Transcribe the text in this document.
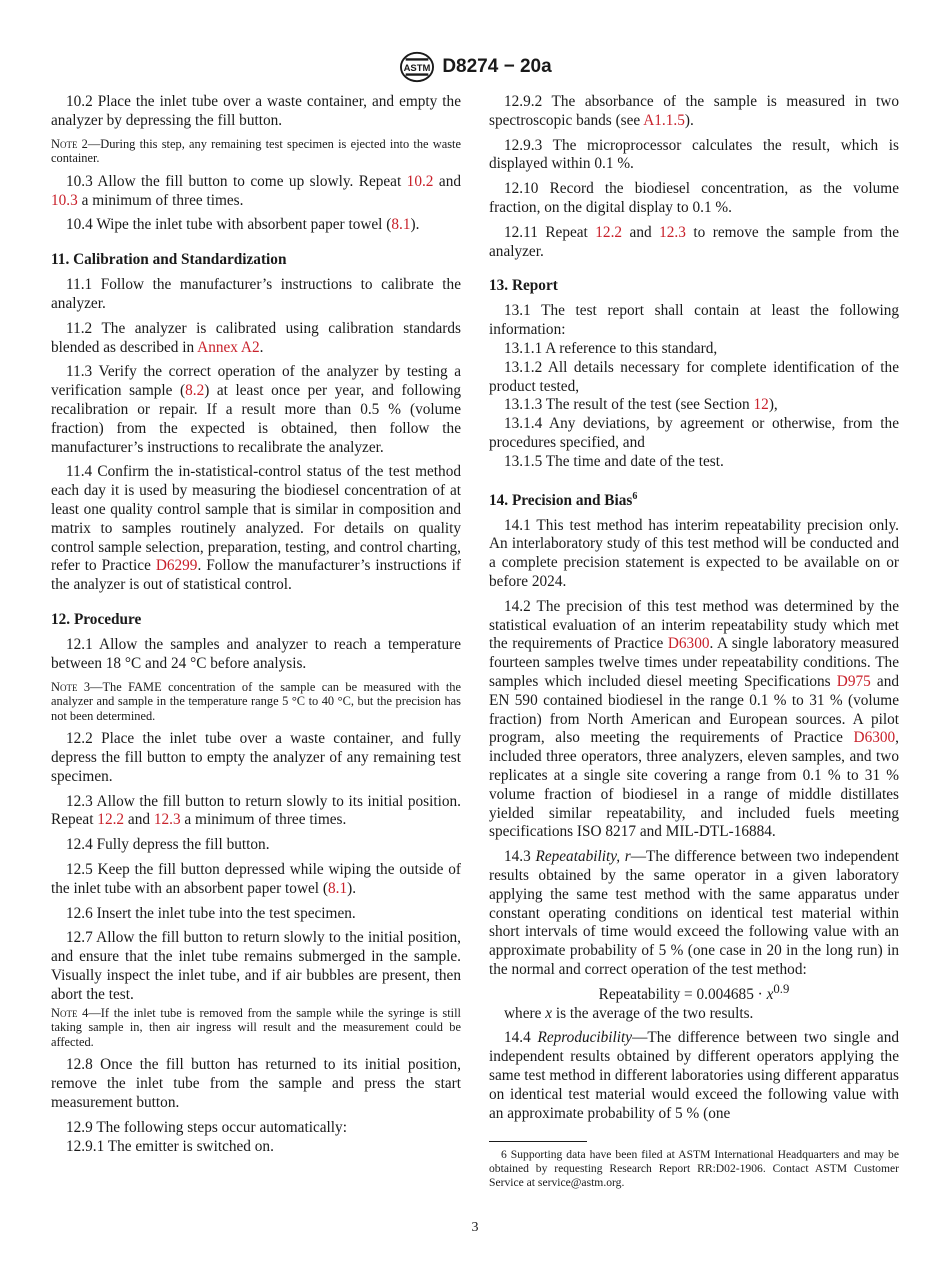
ASTM D8274 − 20a

10.2 Place the inlet tube over a waste container, and empty the analyzer by depressing the fill button.

Note 2—During this step, any remaining test specimen is ejected into the waste container.

10.3 Allow the fill button to come up slowly. Repeat 10.2 and 10.3 a minimum of three times.

10.4 Wipe the inlet tube with absorbent paper towel (8.1).

11. Calibration and Standardization

11.1 Follow the manufacturer’s instructions to calibrate the analyzer.

11.2 The analyzer is calibrated using calibration standards blended as described in Annex A2.

11.3 Verify the correct operation of the analyzer by testing a verification sample (8.2) at least once per year, and following recalibration or repair. If a result more than 0.5 % (volume fraction) from the expected is obtained, then follow the manufacturer’s instructions to recalibrate the analyzer.

11.4 Confirm the in-statistical-control status of the test method each day it is used by measuring the biodiesel concentration of at least one quality control sample that is similar in composition and matrix to samples routinely analyzed. For details on quality control sample selection, preparation, testing, and control charting, refer to Practice D6299. Follow the manufacturer’s instructions if the analyzer is out of statistical control.

12. Procedure

12.1 Allow the samples and analyzer to reach a temperature between 18 °C and 24 °C before analysis.

Note 3—The FAME concentration of the sample can be measured with the analyzer and sample in the temperature range 5 °C to 40 °C, but the precision has not been determined.

12.2 Place the inlet tube over a waste container, and fully depress the fill button to empty the analyzer of any remaining test specimen.

12.3 Allow the fill button to return slowly to its initial position. Repeat 12.2 and 12.3 a minimum of three times.

12.4 Fully depress the fill button.

12.5 Keep the fill button depressed while wiping the outside of the inlet tube with an absorbent paper towel (8.1).

12.6 Insert the inlet tube into the test specimen.

12.7 Allow the fill button to return slowly to the initial position, and ensure that the inlet tube remains submerged in the sample. Visually inspect the inlet tube, and if air bubbles are present, then abort the test.

Note 4—If the inlet tube is removed from the sample while the syringe is still taking sample in, then air ingress will result and the measurement could be affected.

12.8 Once the fill button has returned to its initial position, remove the inlet tube from the sample and press the start measurement button.

12.9 The following steps occur automatically:

12.9.1 The emitter is switched on.

12.9.2 The absorbance of the sample is measured in two spectroscopic bands (see A1.1.5).

12.9.3 The microprocessor calculates the result, which is displayed within 0.1 %.

12.10 Record the biodiesel concentration, as the volume fraction, on the digital display to 0.1 %.

12.11 Repeat 12.2 and 12.3 to remove the sample from the analyzer.

13. Report

13.1 The test report shall contain at least the following information:

13.1.1 A reference to this standard,

13.1.2 All details necessary for complete identification of the product tested,

13.1.3 The result of the test (see Section 12),

13.1.4 Any deviations, by agreement or otherwise, from the procedures specified, and

13.1.5 The time and date of the test.

14. Precision and Bias$^6$

14.1 This test method has interim repeatability precision only. An interlaboratory study of this test method will be conducted and a complete precision statement is expected to be available on or before 2024.

14.2 The precision of this test method was determined by the statistical evaluation of an interim repeatability study which met the requirements of Practice D6300. A single laboratory measured fourteen samples twelve times under repeatability conditions. The samples which included diesel meeting Specifications D975 and EN 590 contained biodiesel in the range 0.1 % to 31 % (volume fraction) from North American and European sources. A pilot program, also meeting the requirements of Practice D6300, included three operators, three analyzers, eleven samples, and two replicates at a single site covering a range from 0.1 % to 31 % volume fraction of biodiesel in a range of middle distillates yielded similar repeatability, and included fuels meeting specifications ISO 8217 and MIL-DTL-16884.

14.3 Repeatability, r—The difference between two independent results obtained by the same operator in a given laboratory applying the same test method with the same apparatus under constant operating conditions on identical test material within short intervals of time would exceed the following value with an approximate probability of 5 % (one case in 20 in the long run) in the normal and correct operation of the test method:

Repeatability = $0.004685 \cdot x^{0.9}$

where x is the average of the two results.

14.4 Reproducibility—The difference between two single and independent results obtained by different operators applying the same test method in different laboratories using different apparatus on identical test material would exceed the following value with an approximate probability of 5 % (one

6 Supporting data have been filed at ASTM International Headquarters and may be obtained by requesting Research Report RR:D02-1906. Contact ASTM Customer Service at service@astm.org.

3
